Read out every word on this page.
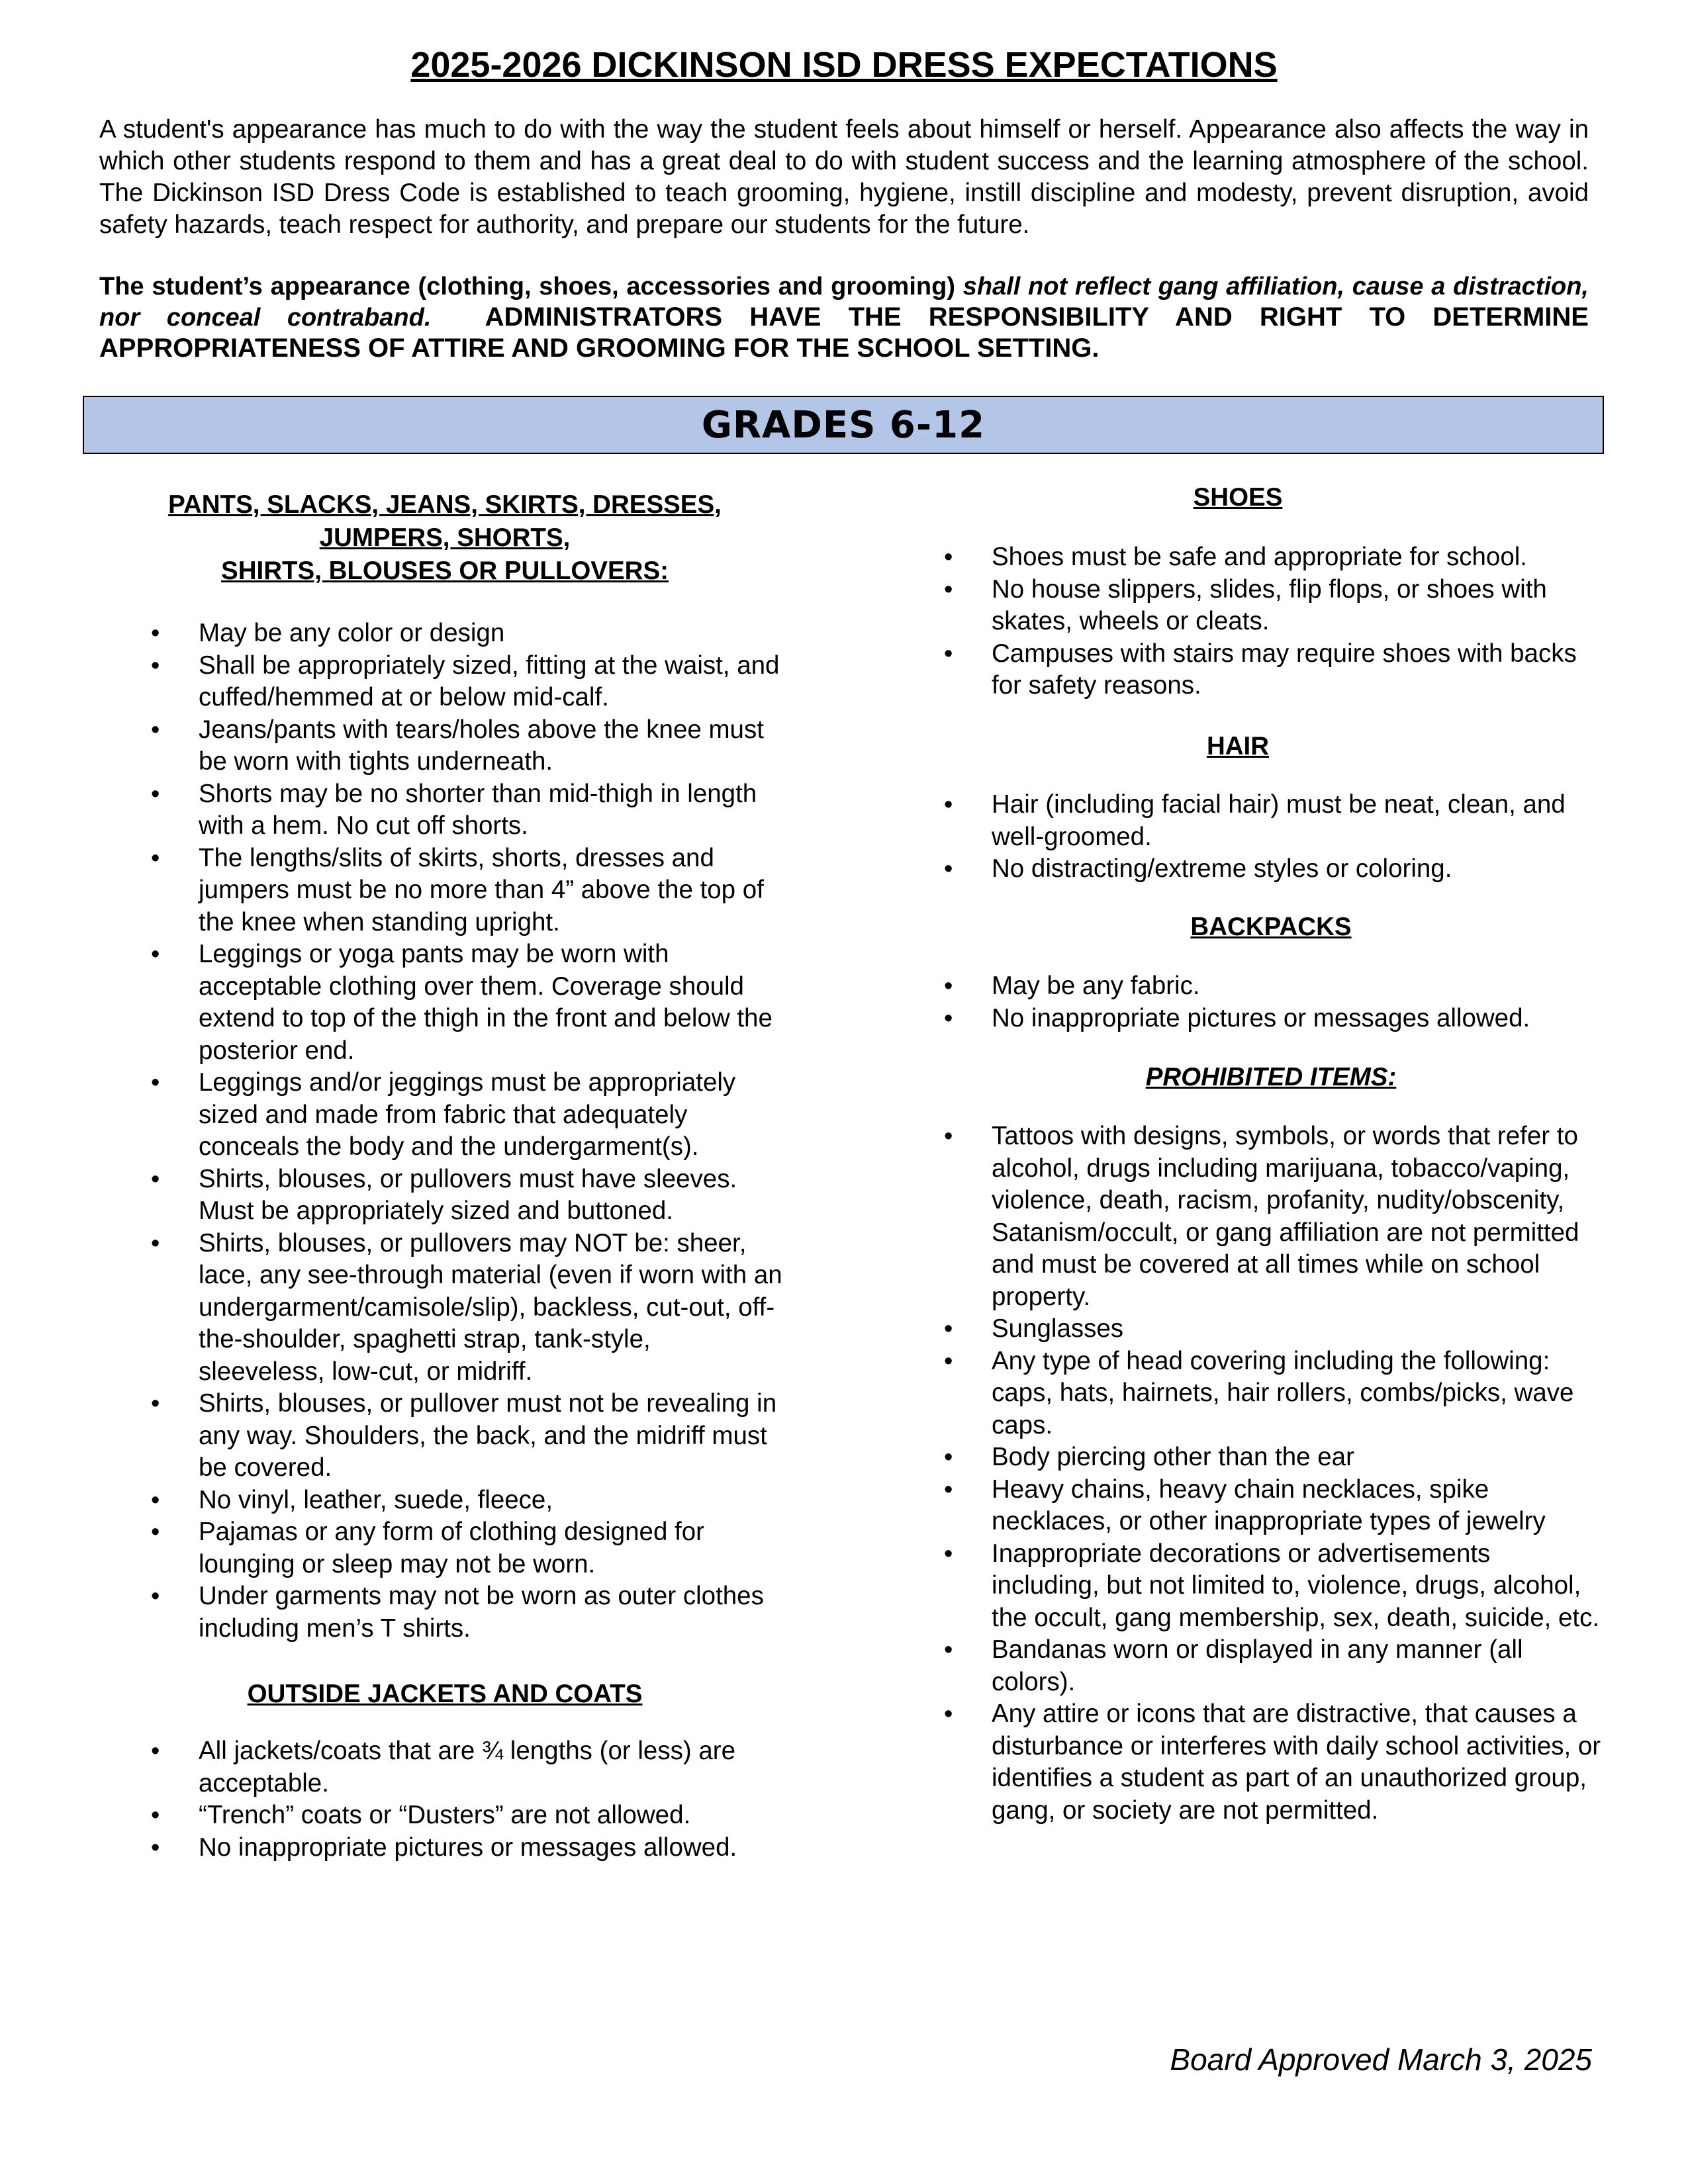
2025-2026 DICKINSON ISD DRESS EXPECTATIONS

A student's appearance has much to do with the way the student feels about himself or herself. Appearance also affects the way in which other students respond to them and has a great deal to do with student success and the learning atmosphere of the school. The Dickinson ISD Dress Code is established to teach grooming, hygiene, instill discipline and modesty, prevent disruption, avoid safety hazards, teach respect for authority, and prepare our students for the future.

The student’s appearance (clothing, shoes, accessories and grooming) shall not reflect gang affiliation, cause a distraction, nor conceal contraband. ADMINISTRATORS HAVE THE RESPONSIBILITY AND RIGHT TO DETERMINE APPROPRIATENESS OF ATTIRE AND GROOMING FOR THE SCHOOL SETTING.

GRADES 6-12
PANTS, SLACKS, JEANS, SKIRTS, DRESSES,
JUMPERS, SHORTS,
SHIRTS, BLOUSES OR PULLOVERS:
• May be any color or design
• Shall be appropriately sized, fitting at the waist, and cuffed/hemmed at or below mid-calf.
• Jeans/pants with tears/holes above the knee must be worn with tights underneath.
• Shorts may be no shorter than mid-thigh in length with a hem. No cut off shorts.
• The lengths/slits of skirts, shorts, dresses and jumpers must be no more than 4” above the top of the knee when standing upright.
• Leggings or yoga pants may be worn with acceptable clothing over them. Coverage should extend to top of the thigh in the front and below the posterior end.
• Leggings and/or jeggings must be appropriately sized and made from fabric that adequately conceals the body and the undergarment(s).
• Shirts, blouses, or pullovers must have sleeves. Must be appropriately sized and buttoned.
• Shirts, blouses, or pullovers may NOT be: sheer, lace, any see-through material (even if worn with an undergarment/camisole/slip), backless, cut-out, off-the-shoulder, spaghetti strap, tank-style, sleeveless, low-cut, or midriff.
• Shirts, blouses, or pullover must not be revealing in any way. Shoulders, the back, and the midriff must be covered.
• No vinyl, leather, suede, fleece,
• Pajamas or any form of clothing designed for lounging or sleep may not be worn.
• Under garments may not be worn as outer clothes including men’s T shirts.
OUTSIDE JACKETS AND COATS
• All jackets/coats that are ¾ lengths (or less) are acceptable.
• “Trench” coats or “Dusters” are not allowed.
• No inappropriate pictures or messages allowed.
SHOES
• Shoes must be safe and appropriate for school.
• No house slippers, slides, flip flops, or shoes with skates, wheels or cleats.
• Campuses with stairs may require shoes with backs for safety reasons.
HAIR
• Hair (including facial hair) must be neat, clean, and well-groomed.
• No distracting/extreme styles or coloring.
BACKPACKS
• May be any fabric.
• No inappropriate pictures or messages allowed.
PROHIBITED ITEMS:
• Tattoos with designs, symbols, or words that refer to alcohol, drugs including marijuana, tobacco/vaping, violence, death, racism, profanity, nudity/obscenity, Satanism/occult, or gang affiliation are not permitted and must be covered at all times while on school property.
• Sunglasses
• Any type of head covering including the following: caps, hats, hairnets, hair rollers, combs/picks, wave caps.
• Body piercing other than the ear
• Heavy chains, heavy chain necklaces, spike necklaces, or other inappropriate types of jewelry
• Inappropriate decorations or advertisements including, but not limited to, violence, drugs, alcohol, the occult, gang membership, sex, death, suicide, etc.
• Bandanas worn or displayed in any manner (all colors).
• Any attire or icons that are distractive, that causes a disturbance or interferes with daily school activities, or identifies a student as part of an unauthorized group, gang, or society are not permitted.
Board Approved March 3, 2025
